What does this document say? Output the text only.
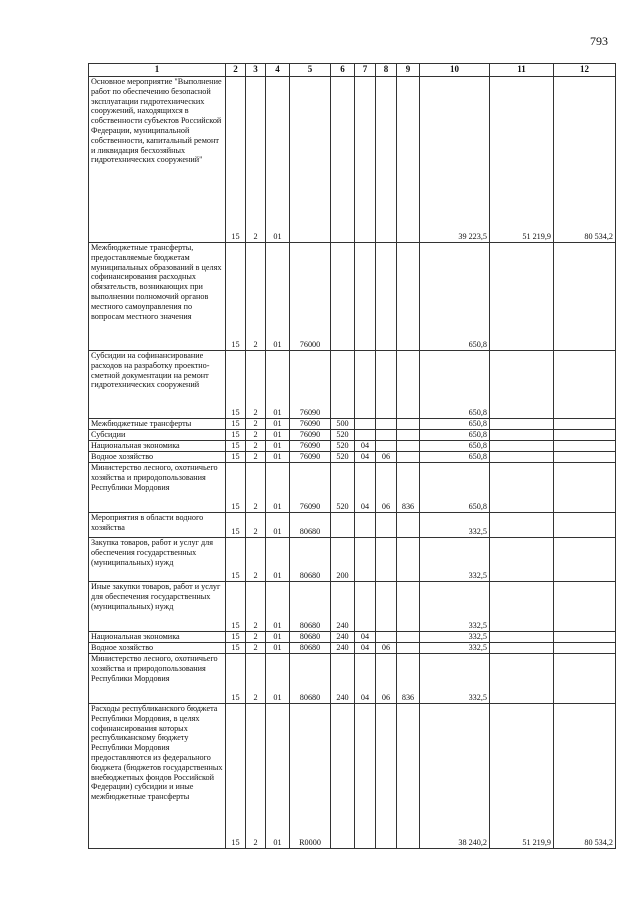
793
1	2	3	4	5	6	7	8	9	10	11	12
Основное мероприятие "Выполнение работ по обеспечению безопасной эксплуатации гидротехнических сооружений, находящихся в собственности субъектов Российской Федерации, муниципальной собственности, капитальный ремонт и ликвидация бесхозяйных гидротехнических сооружений"	15	2	01						39 223,5	51 219,9	80 534,2
Межбюджетные трансферты, предоставляемые бюджетам муниципальных образований в целях софинансирования расходных обязательств, возникающих при выполнении полномочий органов местного самоуправления по вопросам местного значения	15	2	01	76000					650,8		
Субсидии на софинансирование расходов на разработку проектно-сметной документации на ремонт гидротехнических сооружений	15	2	01	76090					650,8		
Межбюджетные трансферты	15	2	01	76090	500				650,8		
Субсидии	15	2	01	76090	520				650,8		
Национальная экономика	15	2	01	76090	520	04			650,8		
Водное хозяйство	15	2	01	76090	520	04	06		650,8		
Министерство лесного, охотничьего хозяйства и природопользования Республики Мордовия	15	2	01	76090	520	04	06	836	650,8		
Мероприятия в области водного хозяйства	15	2	01	80680					332,5		
Закупка товаров, работ и услуг для обеспечения государственных (муниципальных) нужд	15	2	01	80680	200				332,5		
Иные закупки товаров, работ и услуг для обеспечения государственных (муниципальных) нужд	15	2	01	80680	240				332,5		
Национальная экономика	15	2	01	80680	240	04			332,5		
Водное хозяйство	15	2	01	80680	240	04	06		332,5		
Министерство лесного, охотничьего хозяйства и природопользования Республики Мордовия	15	2	01	80680	240	04	06	836	332,5		
Расходы республиканского бюджета Республики Мордовия, в целях софинансирования которых республиканскому бюджету Республики Мордовия предоставляются из федерального бюджета (бюджетов государственных внебюджетных фондов Российской Федерации) субсидии и иные межбюджетные трансферты	15	2	01	R0000					38 240,2	51 219,9	80 534,2
